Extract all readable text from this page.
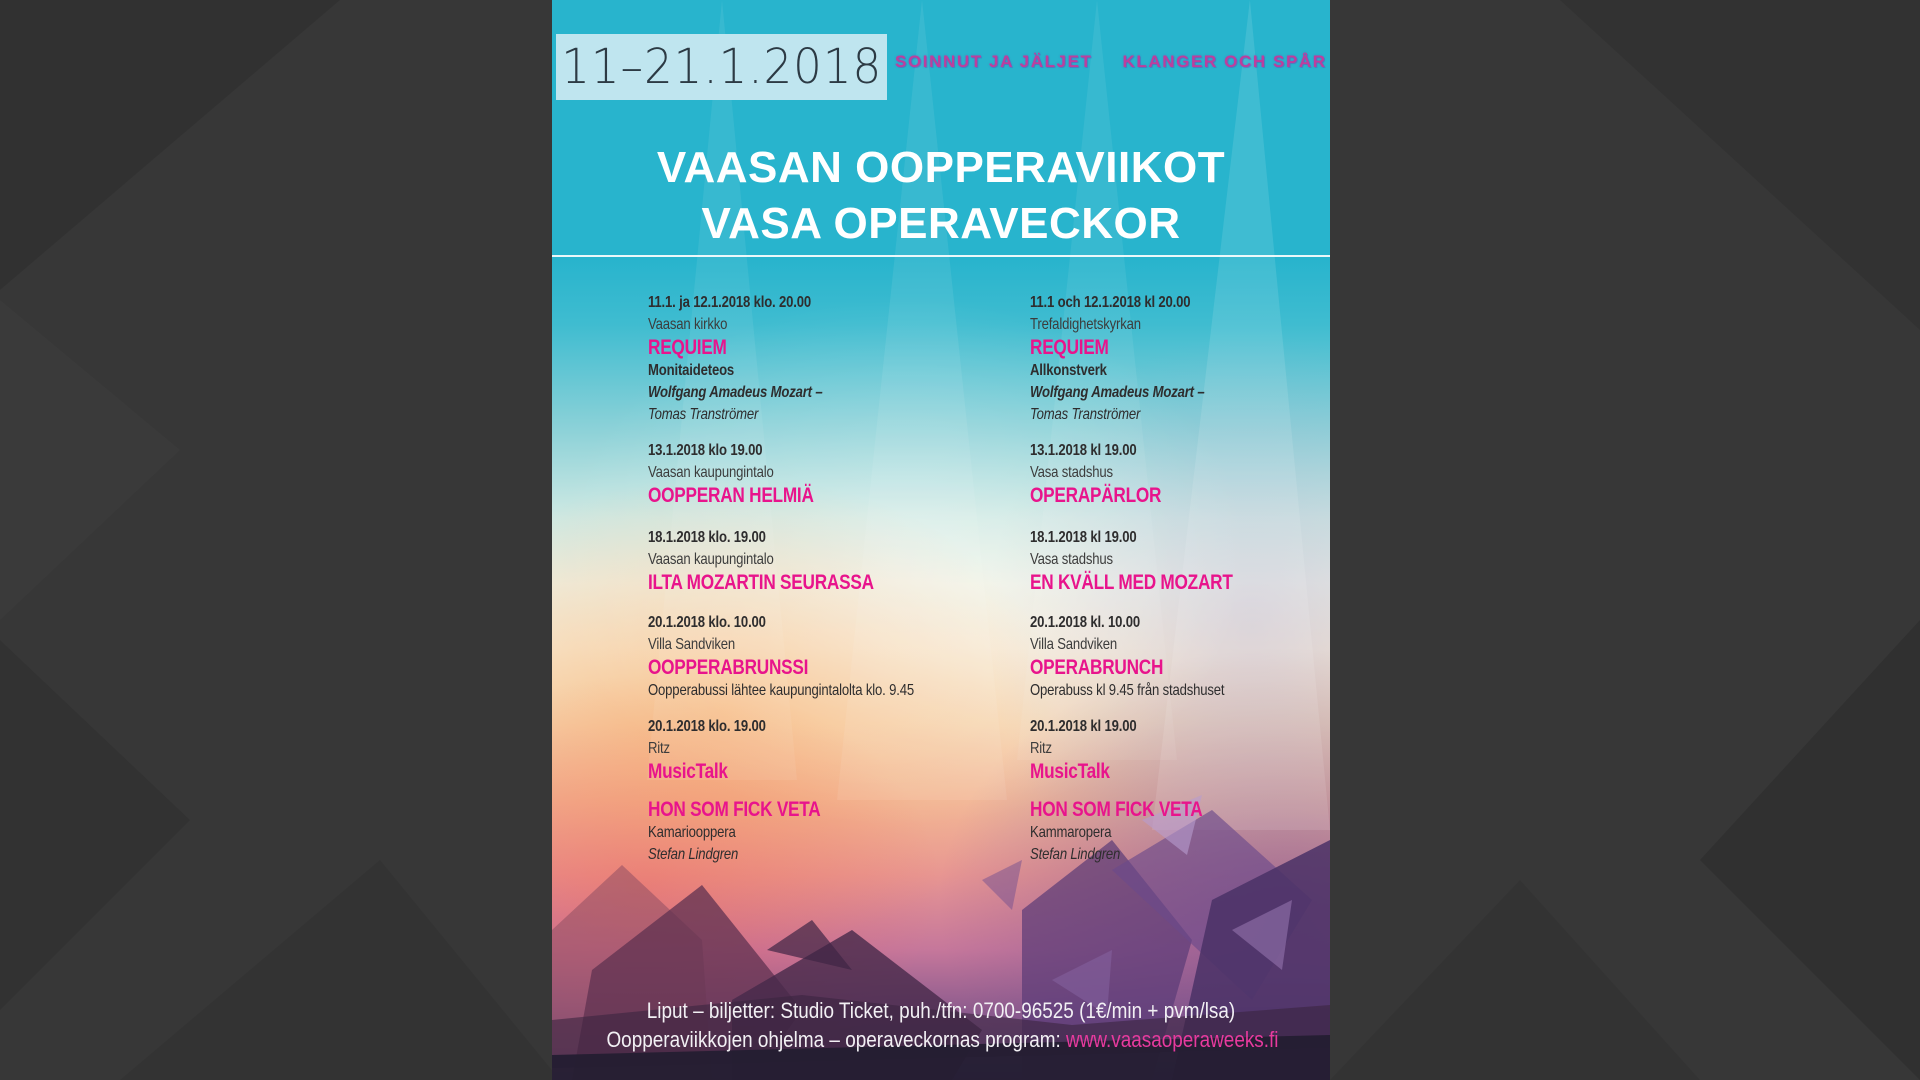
11–21.1.2018 SOINNUT JA JÄLJET KLANGER OCH SPÅR
VAASAN OOPPERAVIIKOT
VASA OPERAVECKOR
11.1. ja 12.1.2018 klo. 20.00
Vaasan kirkko
REQUIEM
Monitaideteos
Wolfgang Amadeus Mozart –
Tomas Tranströmer
13.1.2018 klo 19.00
Vaasan kaupungintalo
OOPPERAN HELMIÄ
18.1.2018 klo. 19.00
Vaasan kaupungintalo
ILTA MOZARTIN SEURASSA
20.1.2018 klo. 10.00
Villa Sandviken
OOPPERABRUNSSI
Oopperabussi lähtee kaupungintalolta klo. 9.45
20.1.2018 klo. 19.00
Ritz
MusicTalk
HON SOM FICK VETA
Kamariooppera
Stefan Lindgren
11.1 och 12.1.2018 kl 20.00
Trefaldighetskyrkan
REQUIEM
Allkonstverk
Wolfgang Amadeus Mozart –
Tomas Tranströmer
13.1.2018 kl 19.00
Vasa stadshus
OPERAPÄRLOR
18.1.2018 kl 19.00
Vasa stadshus
EN KVÄLL MED MOZART
20.1.2018 kl. 10.00
Villa Sandviken
OPERABRUNCH
Operabuss kl 9.45 från stadshuset
20.1.2018 kl 19.00
Ritz
MusicTalk
HON SOM FICK VETA
Kammaropera
Stefan Lindgren
Liput – biljetter: Studio Ticket, puh./tfn: 0700-96525 (1€/min + pvm/lsa)
Oopperaviikkojen ohjelma – operaveckornas program: www.vaasaoperaweeks.fi
